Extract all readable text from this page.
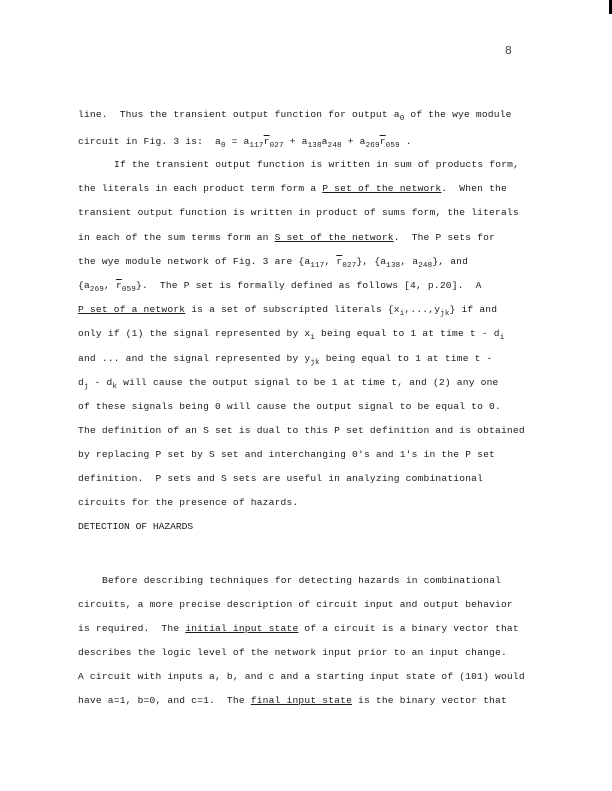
8
line.  Thus the transient output function for output $a_0$ of the wye module
circuit in Fig. 3 is:  $a_0 = a_{117}\overline{r}_{027} + a_{138}a_{248} + a_{269}\overline{r}_{059}$ .
If the transient output function is written in sum of products form,
the literals in each product term form a P set of the network.  When the
transient output function is written in product of sums form, the literals
in each of the sum terms form an S set of the network.  The P sets for
the wye module network of Fig. 3 are {$a_{117}$, $\overline{r}_{027}$}, {$a_{138}$, $a_{248}$}, and
{$a_{269}$, $\overline{r}_{059}$}.  The P set is formally defined as follows [4, p.20].  A
P set of a network is a set of subscripted literals $\{x_i,...,y_{jk}\}$ if and
only if (1) the signal represented by $x_i$ being equal to 1 at time t - $d_i$
and ... and the signal represented by $y_{jk}$ being equal to 1 at time t -
$d_j - d_k$ will cause the output signal to be 1 at time t, and (2) any one
of these signals being 0 will cause the output signal to be equal to 0.
The definition of an S set is dual to this P set definition and is obtained
by replacing P set by S set and interchanging 0's and 1's in the P set
definition.  P sets and S sets are useful in analyzing combinational
circuits for the presence of hazards.
DETECTION OF HAZARDS
Before describing techniques for detecting hazards in combinational
circuits, a more precise description of circuit input and output behavior
is required.  The initial input state of a circuit is a binary vector that
describes the logic level of the network input prior to an input change.
A circuit with inputs a, b, and c and a starting input state of (101) would
have a=1, b=0, and c=1.  The final input state is the binary vector that
